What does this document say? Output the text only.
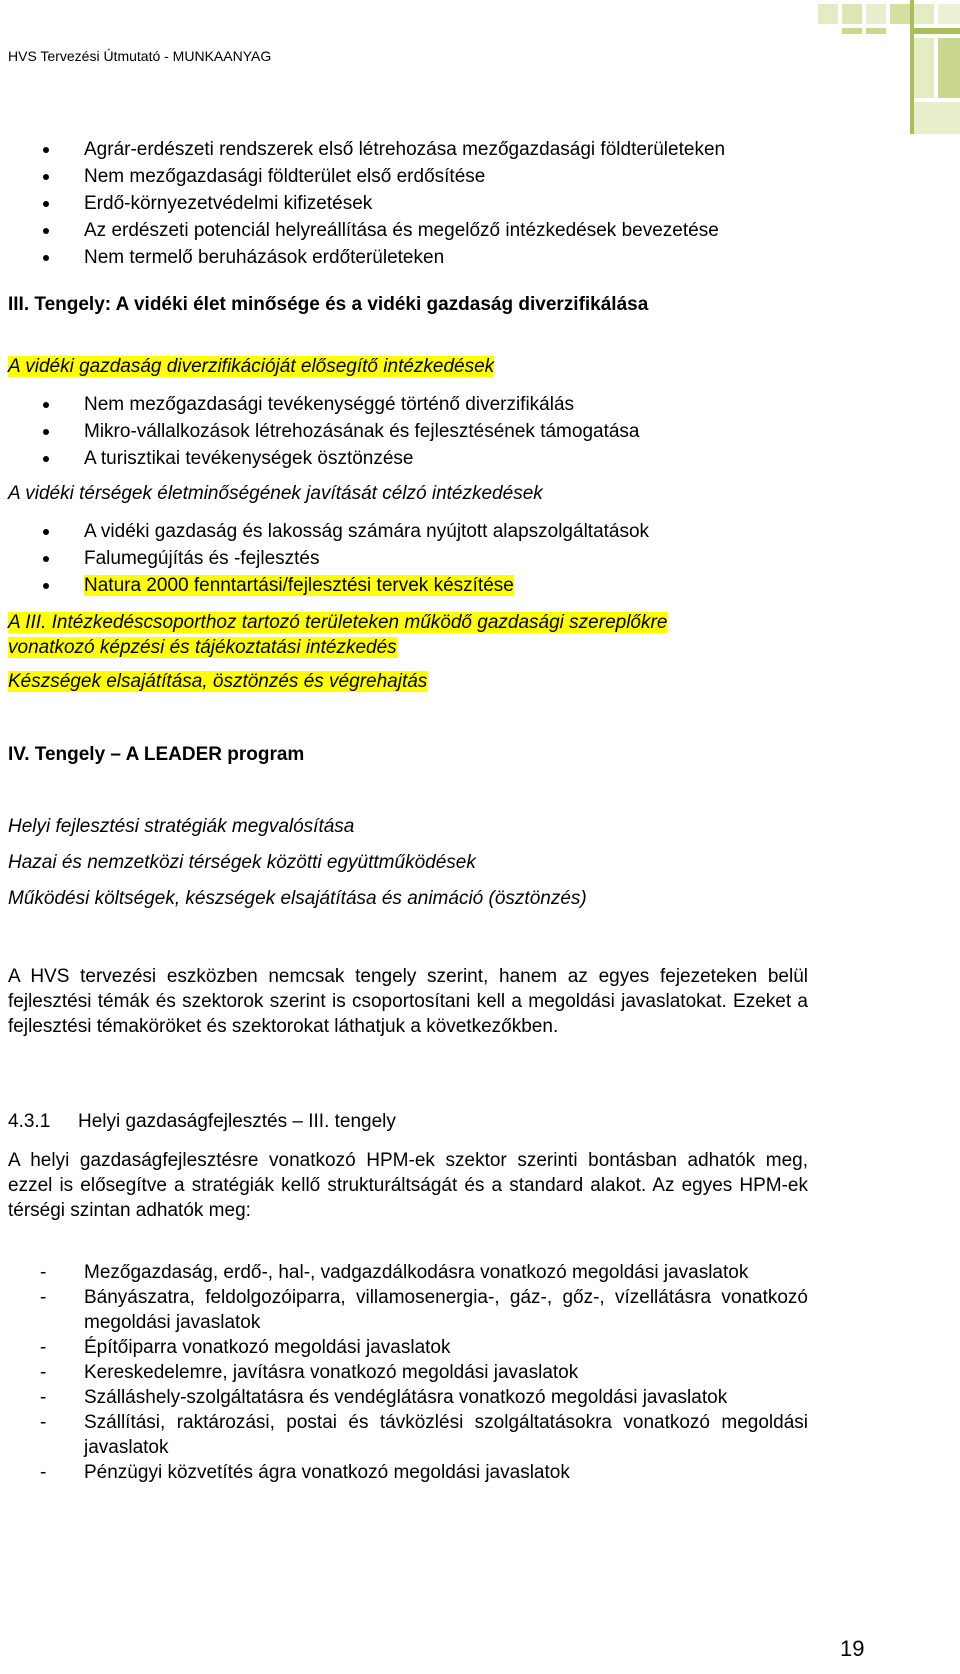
HVS Tervezési Útmutató - MUNKAANYAG
Agrár-erdészeti rendszerek első létrehozása mezőgazdasági földterületeken
Nem mezőgazdasági földterület első erdősítése
Erdő-környezetvédelmi kifizetések
Az erdészeti potenciál helyreállítása és megelőző intézkedések bevezetése
Nem termelő beruházások erdőterületeken
III. Tengely: A vidéki élet minősége és a vidéki gazdaság diverzifikálása
A vidéki gazdaság diverzifikációját elősegítő intézkedések
Nem mezőgazdasági tevékenységgé történő diverzifikálás
Mikro-vállalkozások létrehozásának és fejlesztésének támogatása
A turisztikai tevékenységek ösztönzése
A vidéki térségek életminőségének javítását célzó intézkedések
A vidéki gazdaság és lakosság számára nyújtott alapszolgáltatások
Falumegújítás és -fejlesztés
Natura 2000 fenntartási/fejlesztési tervek készítése
A III. Intézkedéscsoporthoz tartozó területeken működő gazdasági szereplőkre
vonatkozó képzési és tájékoztatási intézkedés
Készségek elsajátítása, ösztönzés és végrehajtás
IV. Tengely – A LEADER program
Helyi fejlesztési stratégiák megvalósítása
Hazai és nemzetközi térségek közötti együttműködések
Működési költségek, készségek elsajátítása és animáció (ösztönzés)
A HVS tervezési eszközben nemcsak tengely szerint, hanem az egyes fejezeteken belül fejlesztési témák és szektorok szerint is csoportosítani kell a megoldási javaslatokat. Ezeket a fejlesztési témaköröket és szektorokat láthatjuk a következőkben.
4.3.1 Helyi gazdaságfejlesztés – III. tengely
A helyi gazdaságfejlesztésre vonatkozó HPM-ek szektor szerinti bontásban adhatók meg, ezzel is elősegítve a stratégiák kellő strukturáltságát és a standard alakot. Az egyes HPM-ek térségi szintan adhatók meg:
- Mezőgazdaság, erdő-, hal-, vadgazdálkodásra vonatkozó megoldási javaslatok
- Bányászatra, feldolgozóiparra, villamosenergia-, gáz-, gőz-, vízellátásra vonatkozó megoldási javaslatok
- Építőiparra vonatkozó megoldási javaslatok
- Kereskedelemre, javításra vonatkozó megoldási javaslatok
- Szálláshely-szolgáltatásra és vendéglátásra vonatkozó megoldási javaslatok
- Szállítási, raktározási, postai és távközlési szolgáltatásokra vonatkozó megoldási javaslatok
- Pénzügyi közvetítés ágra vonatkozó megoldási javaslatok
19
